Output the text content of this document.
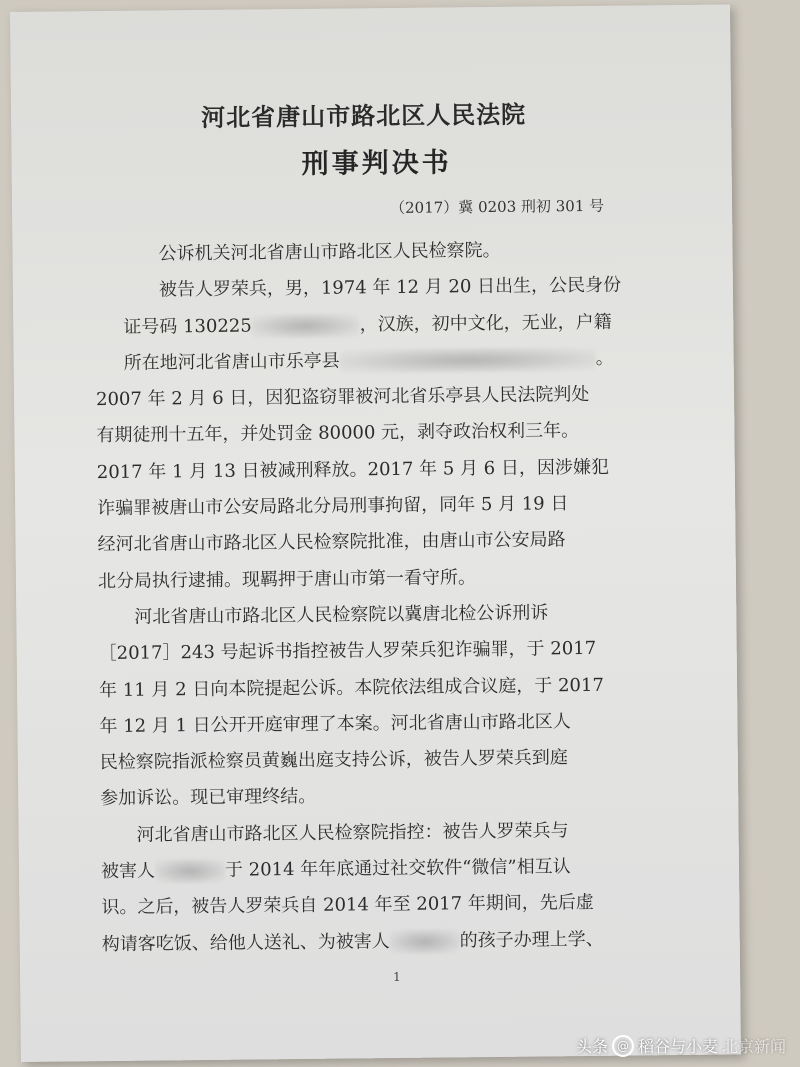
河北省唐山市路北区人民法院
刑事判决书
（2017）冀 0203 刑初 301 号
公诉机关河北省唐山市路北区人民检察院。
被告人罗荣兵，男，1974 年 12 月 20 日出生，公民身份
证号码 130225	，汉族，初中文化，无业，户籍
所在地河北省唐山市乐亭县	。
2007 年 2 月 6 日，因犯盗窃罪被河北省乐亭县人民法院判处
有期徒刑十五年，并处罚金 80000 元，剥夺政治权利三年。
2017 年 1 月 13 日被减刑释放。2017 年 5 月 6 日，因涉嫌犯
诈骗罪被唐山市公安局路北分局刑事拘留，同年 5 月 19 日
经河北省唐山市路北区人民检察院批准，由唐山市公安局路
北分局执行逮捕。现羁押于唐山市第一看守所。
河北省唐山市路北区人民检察院以冀唐北检公诉刑诉
［2017］243 号起诉书指控被告人罗荣兵犯诈骗罪，于 2017
年 11 月 2 日向本院提起公诉。本院依法组成合议庭，于 2017
年 12 月 1 日公开开庭审理了本案。河北省唐山市路北区人
民检察院指派检察员黄巍出庭支持公诉，被告人罗荣兵到庭
参加诉讼。现已审理终结。
河北省唐山市路北区人民检察院指控：被告人罗荣兵与
被害人	于 2014 年年底通过社交软件“微信”相互认
识。之后，被告人罗荣兵自 2014 年至 2017 年期间，先后虚
构请客吃饭、给他人送礼、为被害人	的孩子办理上学、
1
头条 @ 稻谷与小麦 北京新闻
